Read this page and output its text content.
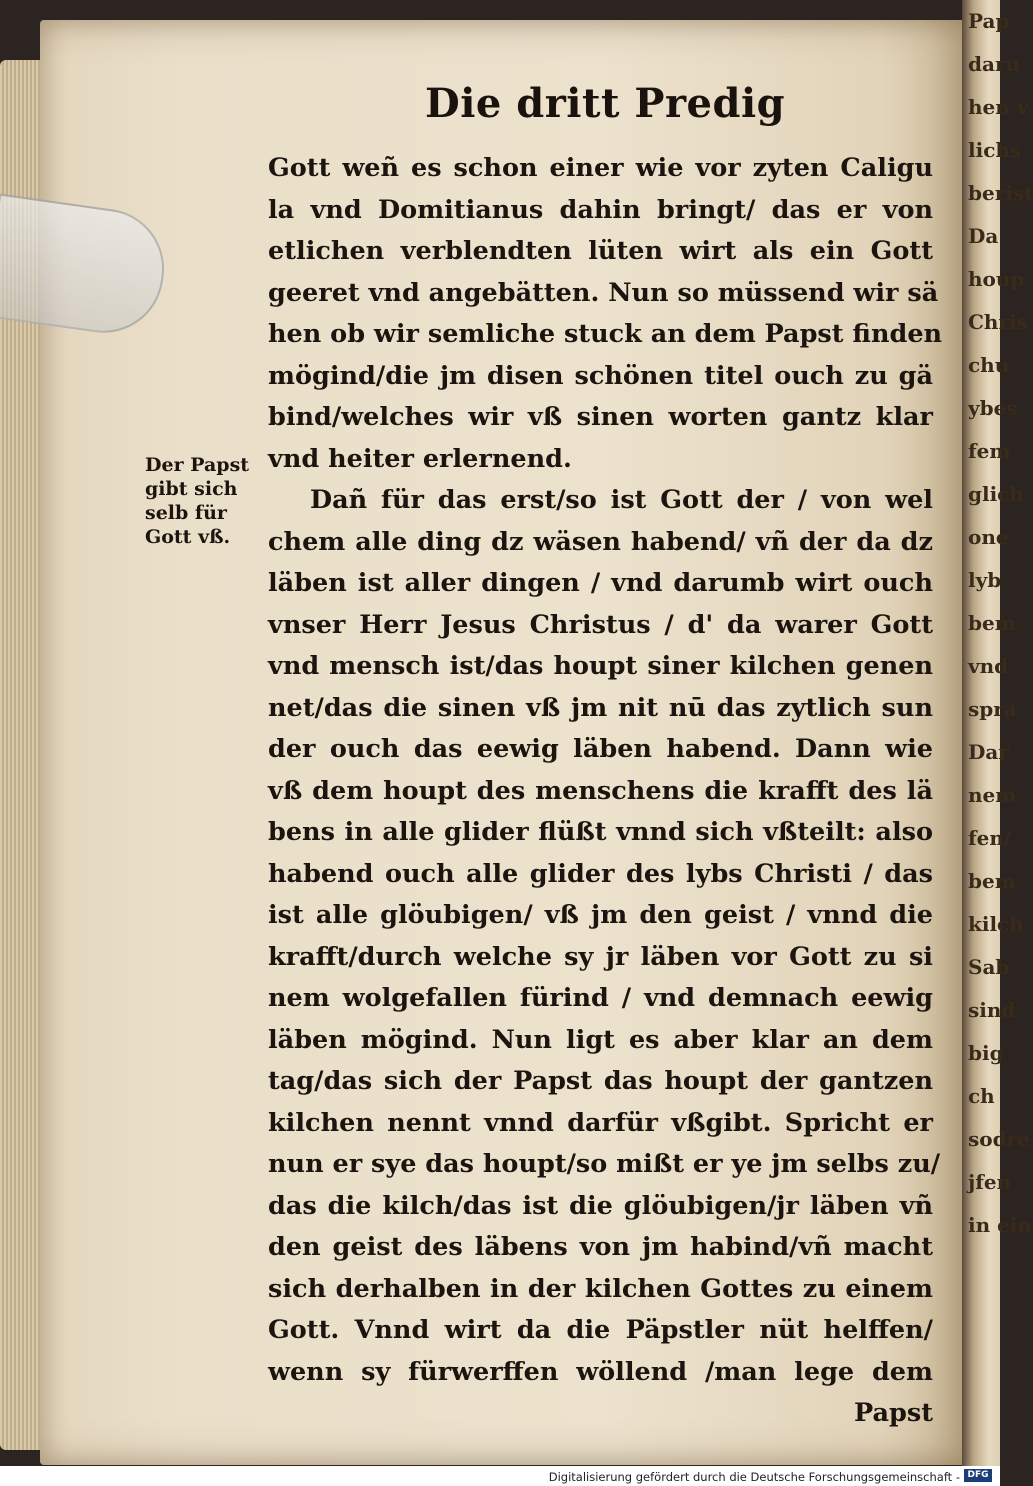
Pap
daru
hen v
lichs
berist
Da
houp
Chris
chu
ybes
fem
glich
one
lyb
bem
vnd
spra
Dar
nem
fen/
bem
kilch
Sab
sind
big
ch
sodre
jfen
in ein
Die dritt Predig
Der Papst
gibt sich
selb für
Gott vß.
Gott weñ es schon einer wie vor zyten Caligu
la vnd Domitianus dahin bringt/ das er von
etlichen verblendten lüten wirt als ein Gott
geeret vnd angebätten. Nun so müssend wir sä
hen ob wir semliche stuck an dem Papst finden
mögind/die jm disen schönen titel ouch zu gä
bind/welches wir vß sinen worten gantz klar
vnd heiter erlernend.
Dañ für das erst/so ist Gott der / von wel
chem alle ding dz wäsen habend/ vñ der da dz
läben ist aller dingen / vnd darumb wirt ouch
vnser Herr Jesus Christus / d' da warer Gott
vnd mensch ist/das houpt siner kilchen genen
net/das die sinen vß jm nit nū das zytlich sun
der ouch das eewig läben habend. Dann wie
vß dem houpt des menschens die krafft des lä
bens in alle glider flüßt vnnd sich vßteilt: also
habend ouch alle glider des lybs Christi / das
ist alle glöubigen/ vß jm den geist / vnnd die
krafft/durch welche sy jr läben vor Gott zu si
nem wolgefallen fürind / vnd demnach eewig
läben mögind. Nun ligt es aber klar an dem
tag/das sich der Papst das houpt der gantzen
kilchen nennt vnnd darfür vßgibt. Spricht er
nun er sye das houpt/so mißt er ye jm selbs zu/
das die kilch/das ist die glöubigen/jr läben vñ
den geist des läbens von jm habind/vñ macht
sich derhalben in der kilchen Gottes zu einem
Gott. Vnnd wirt da die Päpstler nüt helffen/
wenn sy fürwerffen wöllend /man lege dem
Papst
Digitalisierung gefördert durch die Deutsche Forschungsgemeinschaft - DFG
